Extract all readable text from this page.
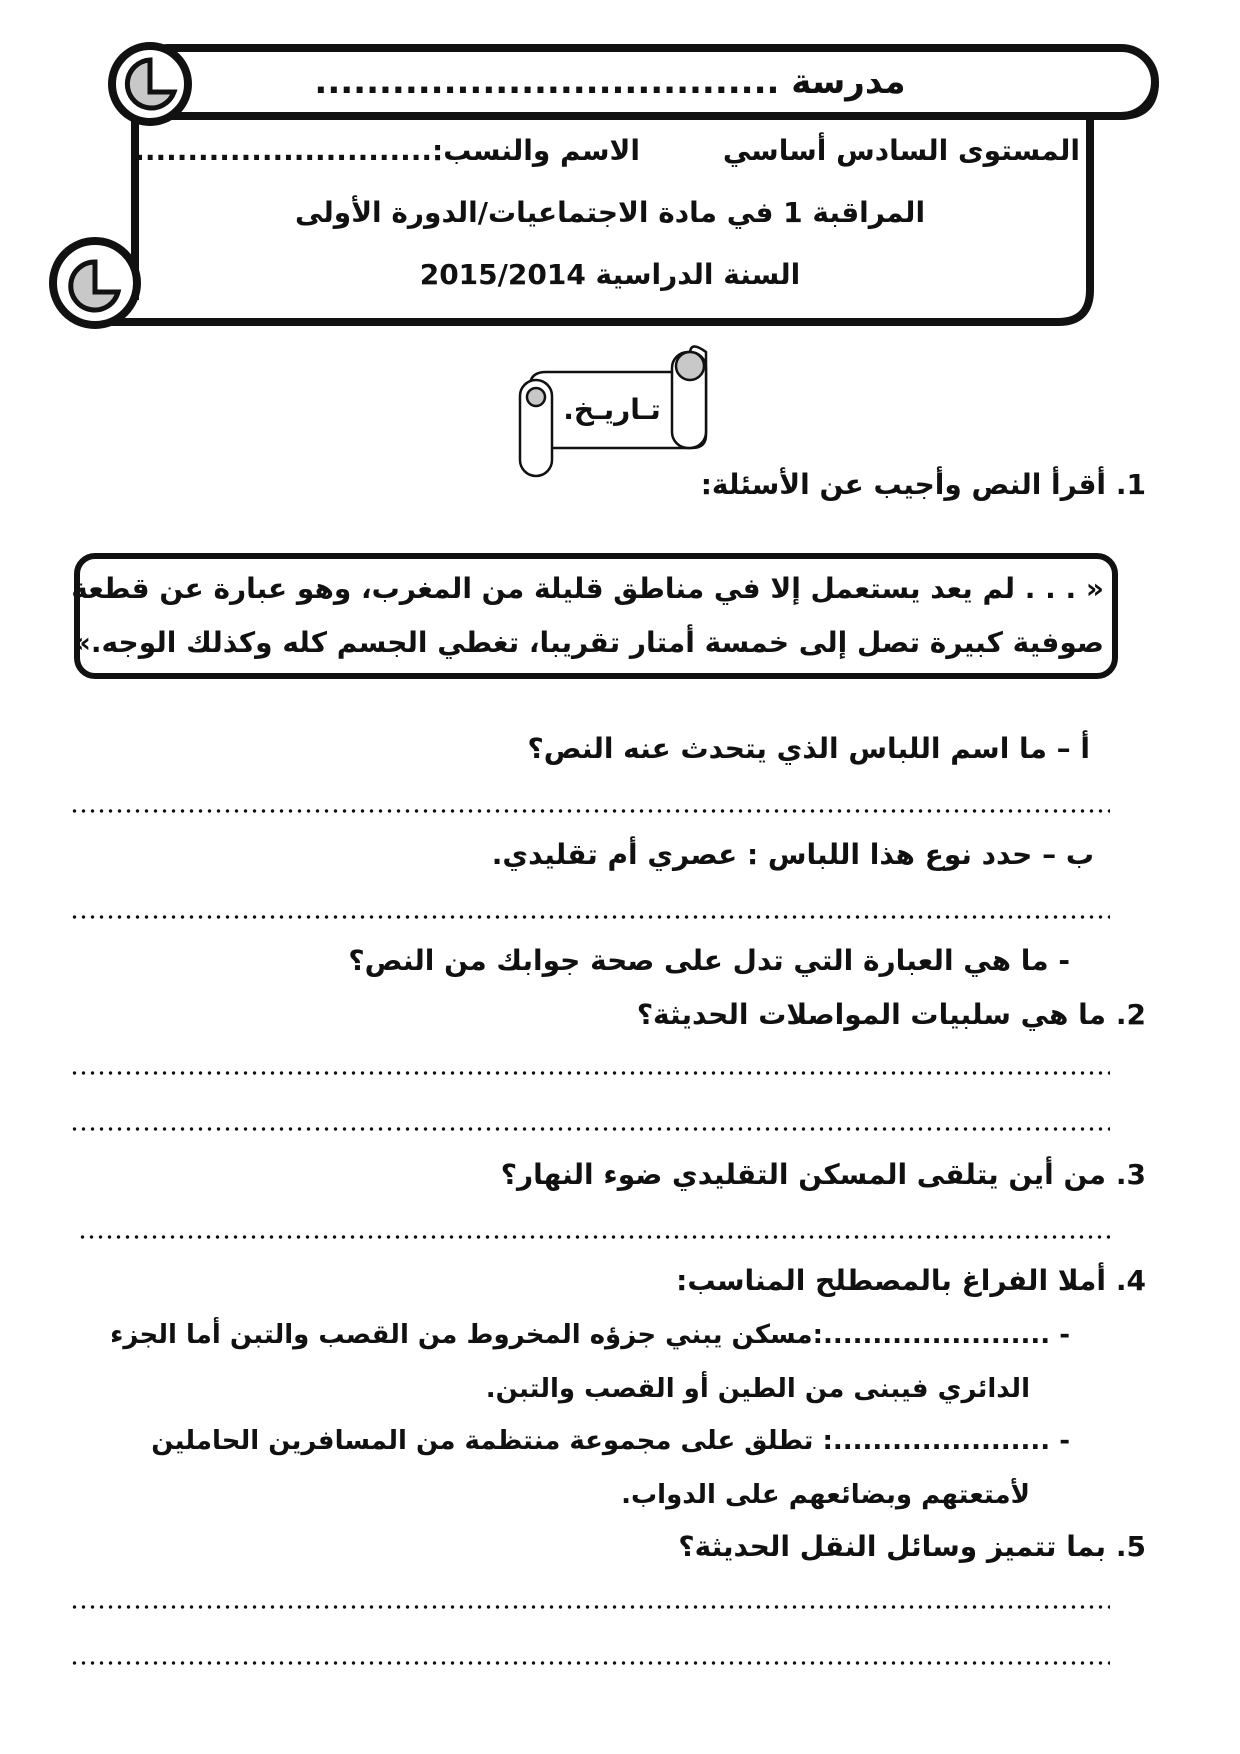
مدرسة ....................................
المستوى السادس أساسي
الاسم والنسب:............................
المراقبة 1 في مادة الاجتماعيات/الدورة الأولى
السنة الدراسية 2015/2014
تـاريـخ.
1.
أقرأ النص وأجيب عن الأسئلة:
« . . . لم يعد يستعمل إلا في مناطق قليلة من المغرب، وهو عبارة عن قطعة
صوفية كبيرة تصل إلى خمسة أمتار تقريبا، تغطي الجسم كله وكذلك الوجه.»
أ – ما اسم اللباس الذي يتحدث عنه النص؟
ب – حدد نوع هذا اللباس : عصري أم تقليدي.
- ما هي العبارة التي تدل على صحة جوابك من النص؟
2.
ما هي سلبيات المواصلات الحديثة؟
3.
من أين يتلقى المسكن التقليدي ضوء النهار؟
4.
أملا الفراغ بالمصطلح المناسب:
- .......................:مسكن يبني جزؤه المخروط من القصب والتبن أما الجزء
الدائري فيبنى من الطين أو القصب والتبن.
- ......................: تطلق على مجموعة منتظمة من المسافرين الحاملين
لأمتعتهم وبضائعهم على الدواب.
5.
بما تتميز وسائل النقل الحديثة؟
